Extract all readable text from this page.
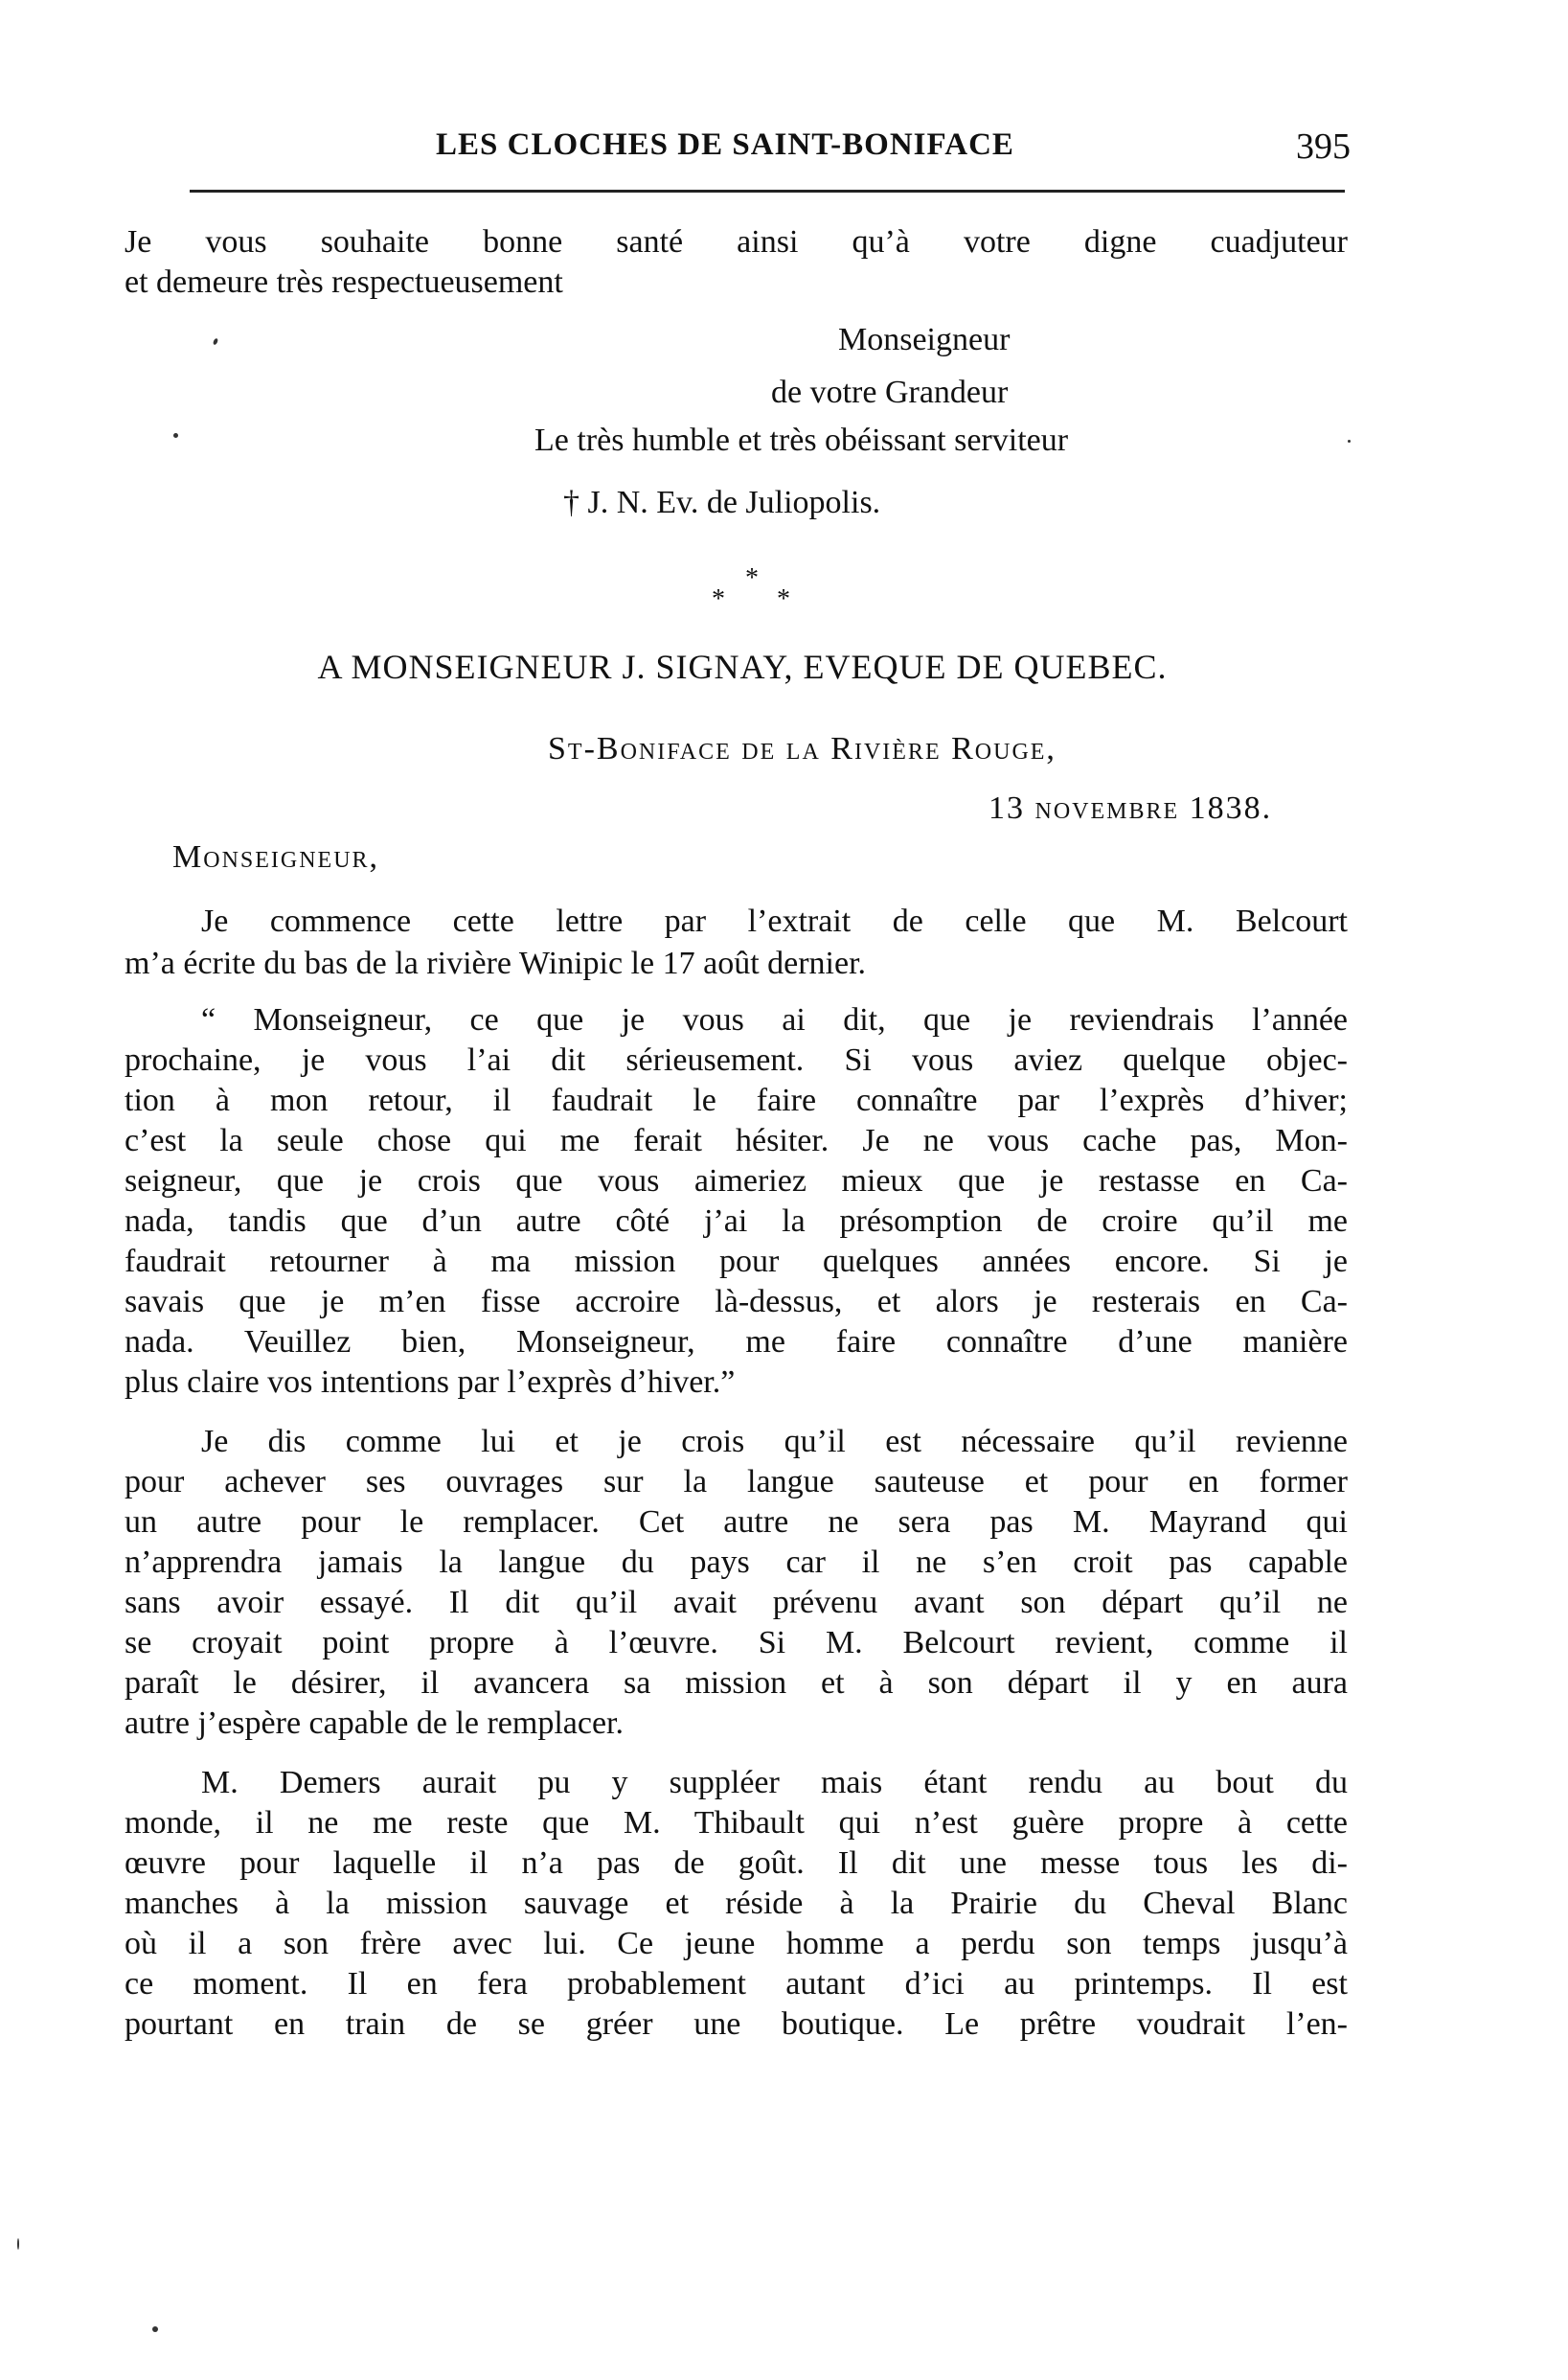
LES CLOCHES DE SAINT-BONIFACE	395
Je vous souhaite bonne santé ainsi qu’à votre digne cuadjuteur
et demeure très respectueusement
Monseigneur
de votre Grandeur
Le très humble et très obéissant serviteur
† J. N. Ev. de Juliopolis.
*
* *
A MONSEIGNEUR J. SIGNAY, EVEQUE DE QUEBEC.
St-Boniface de la Rivière Rouge,
13 novembre 1838.
Monseigneur,
Je commence cette lettre par l’extrait de celle que M. Belcourt
m’a écrite du bas de la rivière Winipic le 17 août dernier.
“ Monseigneur, ce que je vous ai dit, que je reviendrais l’année
prochaine, je vous l’ai dit sérieusement. Si vous aviez quelque objec-
tion à mon retour, il faudrait le faire connaître par l’exprès d’hiver;
c’est la seule chose qui me ferait hésiter. Je ne vous cache pas, Mon-
seigneur, que je crois que vous aimeriez mieux que je restasse en Ca-
nada, tandis que d’un autre côté j’ai la présomption de croire qu’il me
faudrait retourner à ma mission pour quelques années encore. Si je
savais que je m’en fisse accroire là-dessus, et alors je resterais en Ca-
nada. Veuillez bien, Monseigneur, me faire connaître d’une manière
plus claire vos intentions par l’exprès d’hiver.”
Je dis comme lui et je crois qu’il est nécessaire qu’il revienne
pour achever ses ouvrages sur la langue sauteuse et pour en former
un autre pour le remplacer. Cet autre ne sera pas M. Mayrand qui
n’apprendra jamais la langue du pays car il ne s’en croit pas capable
sans avoir essayé. Il dit qu’il avait prévenu avant son départ qu’il ne
se croyait point propre à l’œuvre. Si M. Belcourt revient, comme il
paraît le désirer, il avancera sa mission et à son départ il y en aura
autre j’espère capable de le remplacer.
M. Demers aurait pu y suppléer mais étant rendu au bout du
monde, il ne me reste que M. Thibault qui n’est guère propre à cette
œuvre pour laquelle il n’a pas de goût. Il dit une messe tous les di-
manches à la mission sauvage et réside à la Prairie du Cheval Blanc
où il a son frère avec lui. Ce jeune homme a perdu son temps jusqu’à
ce moment. Il en fera probablement autant d’ici au printemps. Il est
pourtant en train de se gréer une boutique. Le prêtre voudrait l’en-
